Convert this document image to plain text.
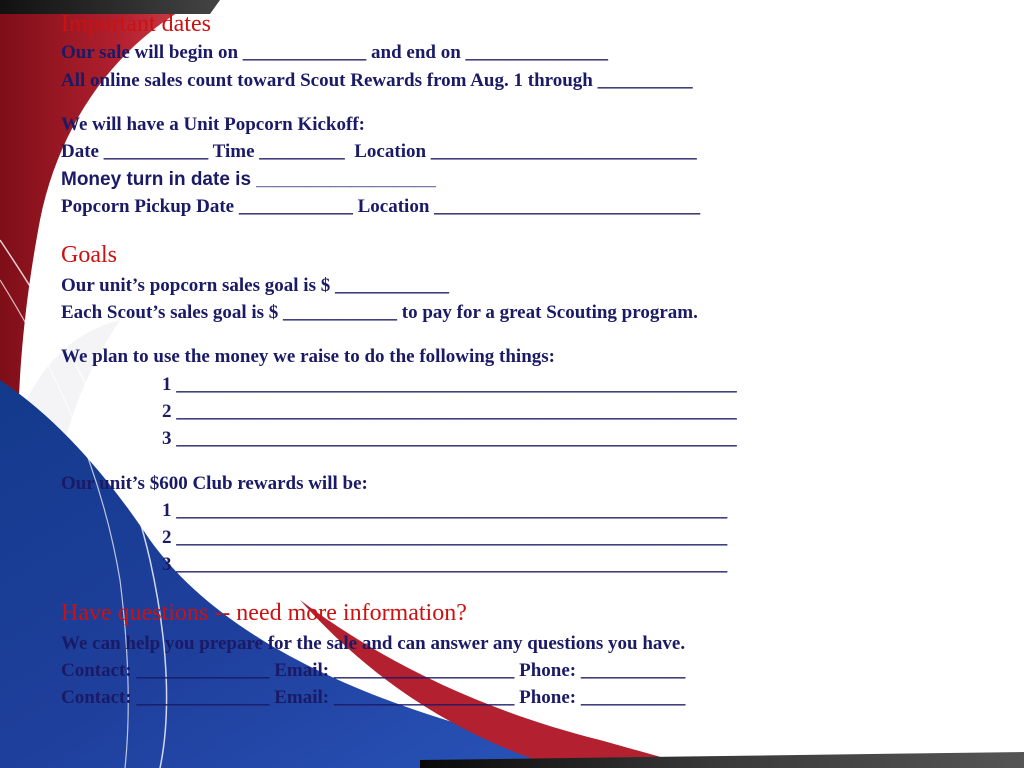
Important dates
Our sale will begin on _____________ and end on _______________
All online sales count toward Scout Rewards from Aug. 1 through __________
We will have a Unit Popcorn Kickoff:
Date ___________ Time _________  Location ____________________________
Money turn in date is _________________
Popcorn Pickup Date ____________ Location ____________________________
Goals
Our unit’s popcorn sales goal is $ ____________
Each Scout’s sales goal is $ ____________ to pay for a great Scouting program.
We plan to use the money we raise to do the following things:
1 ___________________________________________________________
2 ___________________________________________________________
3 ___________________________________________________________
Our unit’s $600 Club rewards will be:
1 __________________________________________________________
2 __________________________________________________________
3 __________________________________________________________
Have questions -- need more information?
We can help you prepare for the sale and can answer any questions you have.
Contact: ______________ Email: ___________________ Phone: ___________
Contact: ______________ Email: ___________________ Phone: ___________
